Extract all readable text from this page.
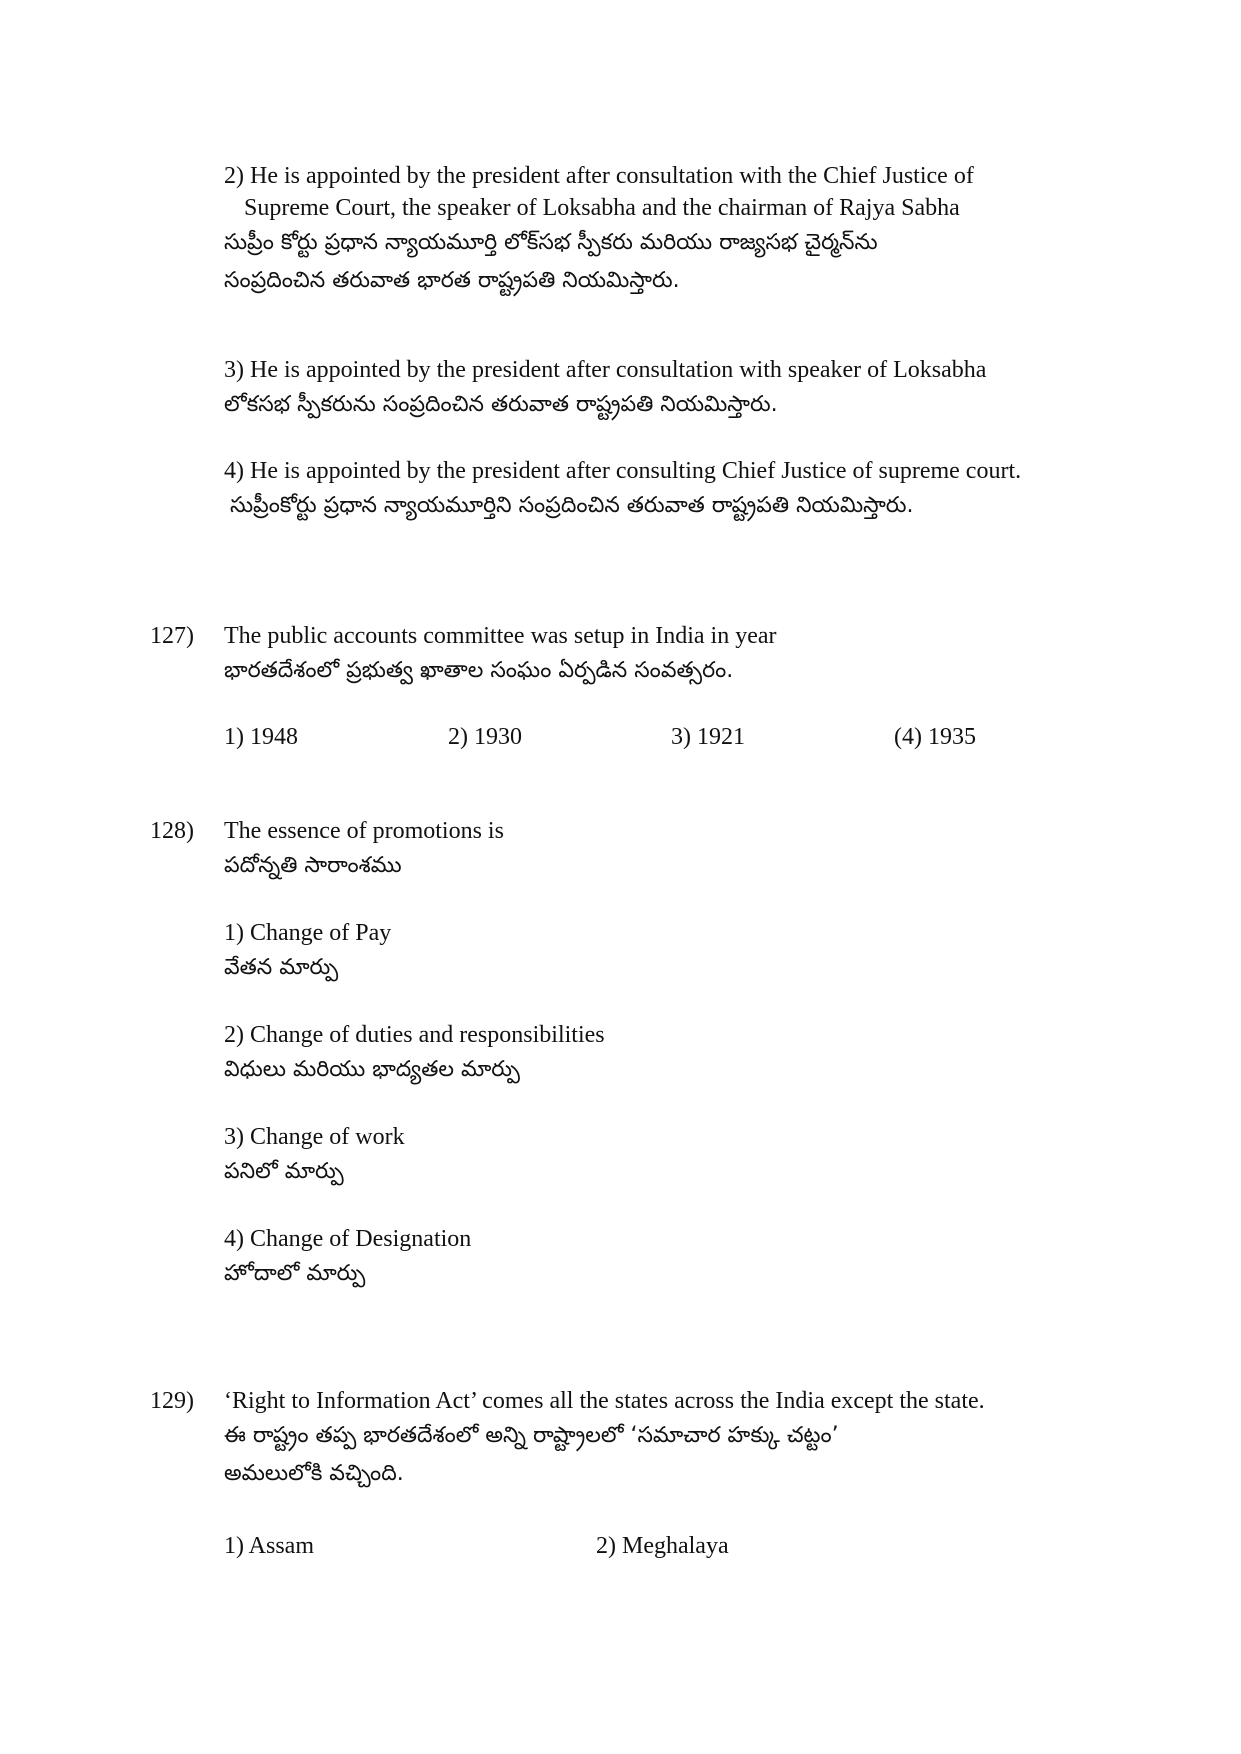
2) He is appointed by the president after consultation with the Chief Justice of
Supreme Court, the speaker of Loksabha and the chairman of Rajya Sabha
సుప్రీం కోర్టు ప్రధాన న్యాయమూర్తి లోక్‌సభ స్పీకరు మరియు రాజ్యసభ చైర్మన్‌ను
సంప్రదించిన తరువాత భారత రాష్ట్రపతి నియమిస్తారు.
3) He is appointed by the president after consultation with speaker of Loksabha
లోకసభ స్పీకరును సంప్రదించిన తరువాత రాష్ట్రపతి నియమిస్తారు.
4) He is appointed by the president after consulting Chief Justice of supreme court.
సుప్రీంకోర్టు ప్రధాన న్యాయమూర్తిని సంప్రదించిన తరువాత రాష్ట్రపతి నియమిస్తారు.
127) The public accounts committee was setup in India in year
భారతదేశంలో ప్రభుత్వ ఖాతాల సంఘం ఏర్పడిన సంవత్సరం.
1) 1948	2) 1930	3) 1921	(4) 1935
128) The essence of promotions is
పదోన్నతి సారాంశము
1) Change of Pay
వేతన మార్పు
2) Change of duties and responsibilities
విధులు మరియు భాద్యతల మార్పు
3) Change of work
పనిలో మార్పు
4) Change of Designation
హోదాలో మార్పు
129) ‘Right to Information Act’ comes all the states across the India except the state.
ఈ రాష్ట్రం తప్ప భారతదేశంలో అన్ని రాష్ట్రాలలో ‘సమాచార హక్కు చట్టం’
అమలులోకి వచ్చింది.
1) Assam	2) Meghalaya
